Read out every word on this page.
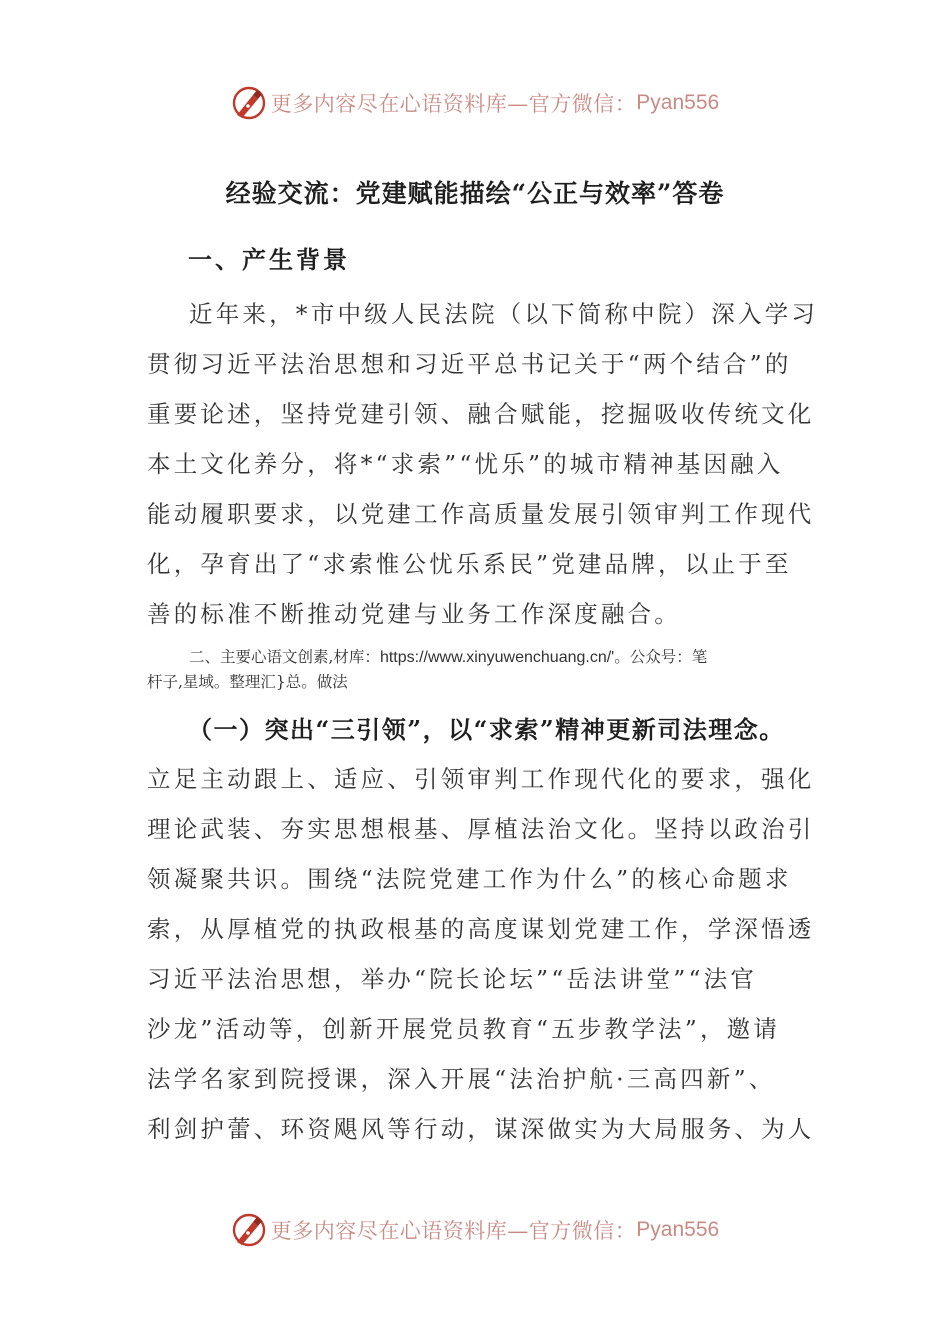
更多内容尽在心语资料库—官方微信： Pyan556
经验交流：党建赋能描绘“公正与效率”答卷
一、产生背景
近年来，*市中级人民法院（以下简称中院）深入学习
贯彻习近平法治思想和习近平总书记关于“两个结合”的
重要论述，坚持党建引领、融合赋能，挖掘吸收传统文化
本土文化养分，将*“求索”“忧乐”的城市精神基因融入
能动履职要求，以党建工作高质量发展引领审判工作现代
化，孕育出了“求索惟公忧乐系民”党建品牌，以止于至
善的标准不断推动党建与业务工作深度融合。
二、主要心语文创素,材库：https://www.xinyuwenchuang.cn/'。公众号：笔
杆子,星域。整理汇}总。做法
（一）突出“三引领”，以“求索”精神更新司法理念。
立足主动跟上、适应、引领审判工作现代化的要求，强化
理论武装、夯实思想根基、厚植法治文化。坚持以政治引
领凝聚共识。围绕“法院党建工作为什么”的核心命题求
索，从厚植党的执政根基的高度谋划党建工作，学深悟透
习近平法治思想，举办“院长论坛”“岳法讲堂”“法官
沙龙”活动等，创新开展党员教育“五步教学法”，邀请
法学名家到院授课，深入开展“法治护航·三高四新”、
利剑护蕾、环资飓风等行动，谋深做实为大局服务、为人
更多内容尽在心语资料库—官方微信： Pyan556
